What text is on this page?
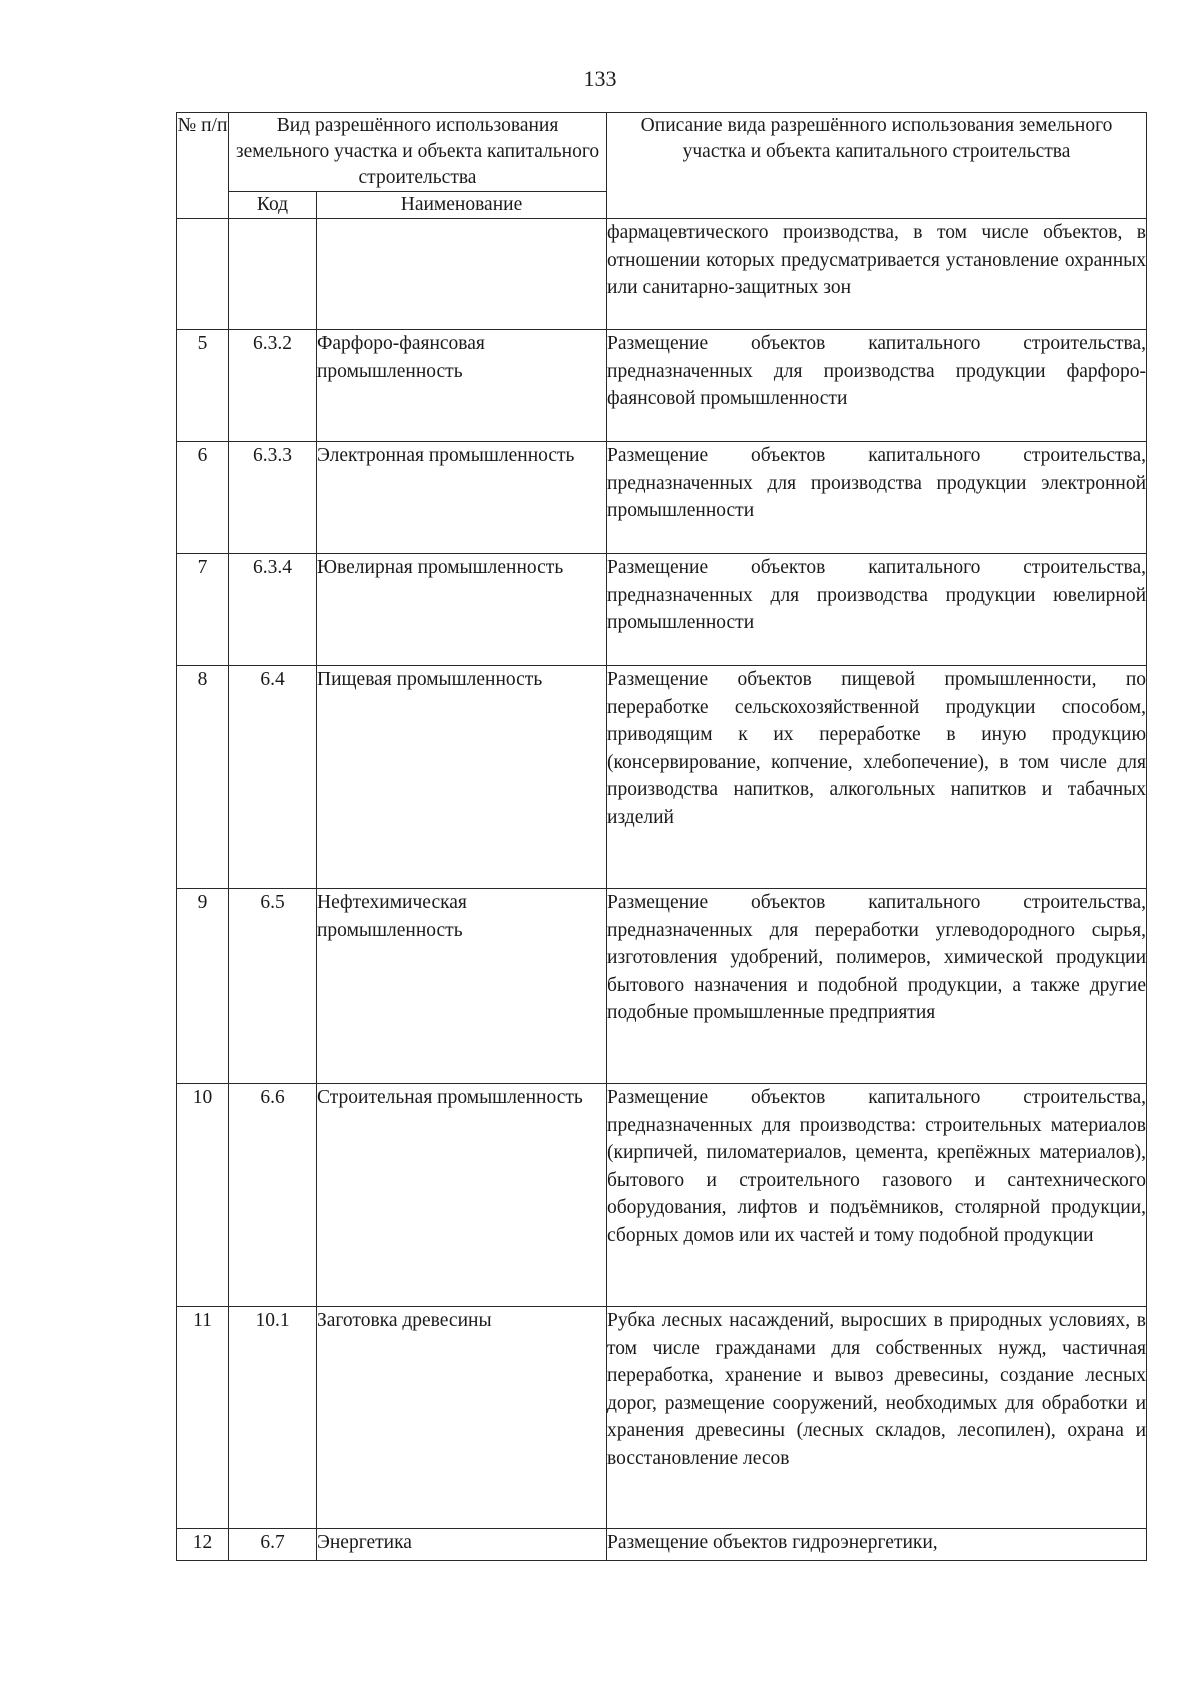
133
№ п/п	Вид разрешённого использования земельного участка и объекта капитального строительства		Описание вида разрешённого использования земельного участка и объекта капитального строительства
	Код	Наименование	
			фармацевтического производства, в том числе объектов, в отношении которых предусматривается установление охранных или санитарно-защитных зон
5	6.3.2	Фарфоро-фаянсовая промышленность	Размещение объектов капитального строительства, предназначенных для производства продукции фарфоро-фаянсовой промышленности
6	6.3.3	Электронная промышленность	Размещение объектов капитального строительства, предназначенных для производства продукции электронной промышленности
7	6.3.4	Ювелирная промышленность	Размещение объектов капитального строительства, предназначенных для производства продукции ювелирной промышленности
8	6.4	Пищевая промышленность	Размещение объектов пищевой промышленности, по переработке сельскохозяйственной продукции способом, приводящим к их переработке в иную продукцию (консервирование, копчение, хлебопечение), в том числе для производства напитков, алкогольных напитков и табачных изделий
9	6.5	Нефтехимическая промышленность	Размещение объектов капитального строительства, предназначенных для переработки углеводородного сырья, изготовления удобрений, полимеров, химической продукции бытового назначения и подобной продукции, а также другие подобные промышленные предприятия
10	6.6	Строительная промышленность	Размещение объектов капитального строительства, предназначенных для производства: строительных материалов (кирпичей, пиломатериалов, цемента, крепёжных материалов), бытового и строительного газового и сантехнического оборудования, лифтов и подъёмников, столярной продукции, сборных домов или их частей и тому подобной продукции
11	10.1	Заготовка древесины	Рубка лесных насаждений, выросших в природных условиях, в том числе гражданами для собственных нужд, частичная переработка, хранение и вывоз древесины, создание лесных дорог, размещение сооружений, необходимых для обработки и хранения древесины (лесных складов, лесопилен), охрана и восстановление лесов
12	6.7	Энергетика	Размещение объектов гидроэнергетики,
